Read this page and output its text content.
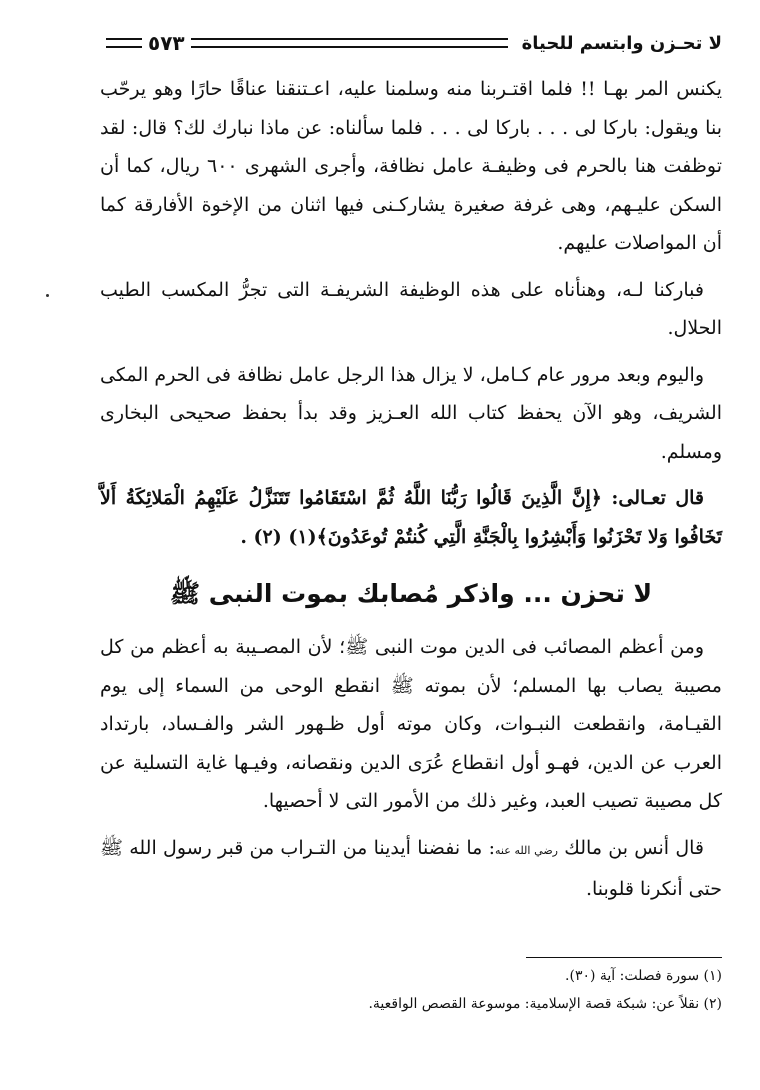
لا تحـزن وابتسم للحياة
٥٧٣

يكنس المر بهـا !! فلما اقتـربنا منه وسلمنا عليه، اعـتنقنا عناقًا حارًا وهو يرحّب بنا ويقول: باركا لى . . . باركا لى . . . فلما سألناه: عن ماذا نبارك لك؟ قال: لقد توظفت هنا بالحرم فى وظيفـة عامل نظافة، وأجرى الشهرى ٦٠٠ ريال، كما أن السكن عليـهم، وهى غرفة صغيرة يشاركـنى فيها اثنان من الإخوة الأفارقة كما أن المواصلات عليهم.

فباركنا لـه، وهنأناه على هذه الوظيفة الشريفـة التى تجرُّ المكسب الطيب الحلال.

واليوم وبعد مرور عام كـامل، لا يزال هذا الرجل عامل نظافة فى الحرم المكى الشريف، وهو الآن يحفظ كتاب الله العـزيز وقد بدأ بحفظ صحيحى البخارى ومسلم.

قال تعـالى: ﴿إِنَّ الَّذِينَ قَالُوا رَبُّنَا اللَّهُ ثُمَّ اسْتَقَامُوا تَتَنَزَّلُ عَلَيْهِمُ الْمَلائِكَةُ أَلاَّ تَخَافُوا وَلا تَحْزَنُوا وَأَبْشِرُوا بِالْجَنَّةِ الَّتِي كُنتُمْ تُوعَدُونَ﴾(١) (٢) .

لا تحزن ... واذكر مُصابك بموت النبى ﷺ

ومن أعظم المصائب فى الدين موت النبى ﷺ؛ لأن المصـيبة به أعظم من كل مصيبة يصاب بها المسلم؛ لأن بموته ﷺ انقطع الوحى من السماء إلى يوم القيـامة، وانقطعت النبـوات، وكان موته أول ظـهور الشر والفـساد، بارتداد العرب عن الدين، فهـو أول انقطاع عُرَى الدين ونقصانه، وفيـها غاية التسلية عن كل مصيبة تصيب العبد، وغير ذلك من الأمور التى لا أحصيها.

قال أنس بن مالك رضي الله عنه: ما نفضنا أيدينا من التـراب من قبر رسول الله ﷺ حتى أنكرنا قلوبنا.

(١) سورة فصلت: آية (٣٠).
(٢) نقلاً عن: شبكة قصة الإسلامية: موسوعة القصص الواقعية.
